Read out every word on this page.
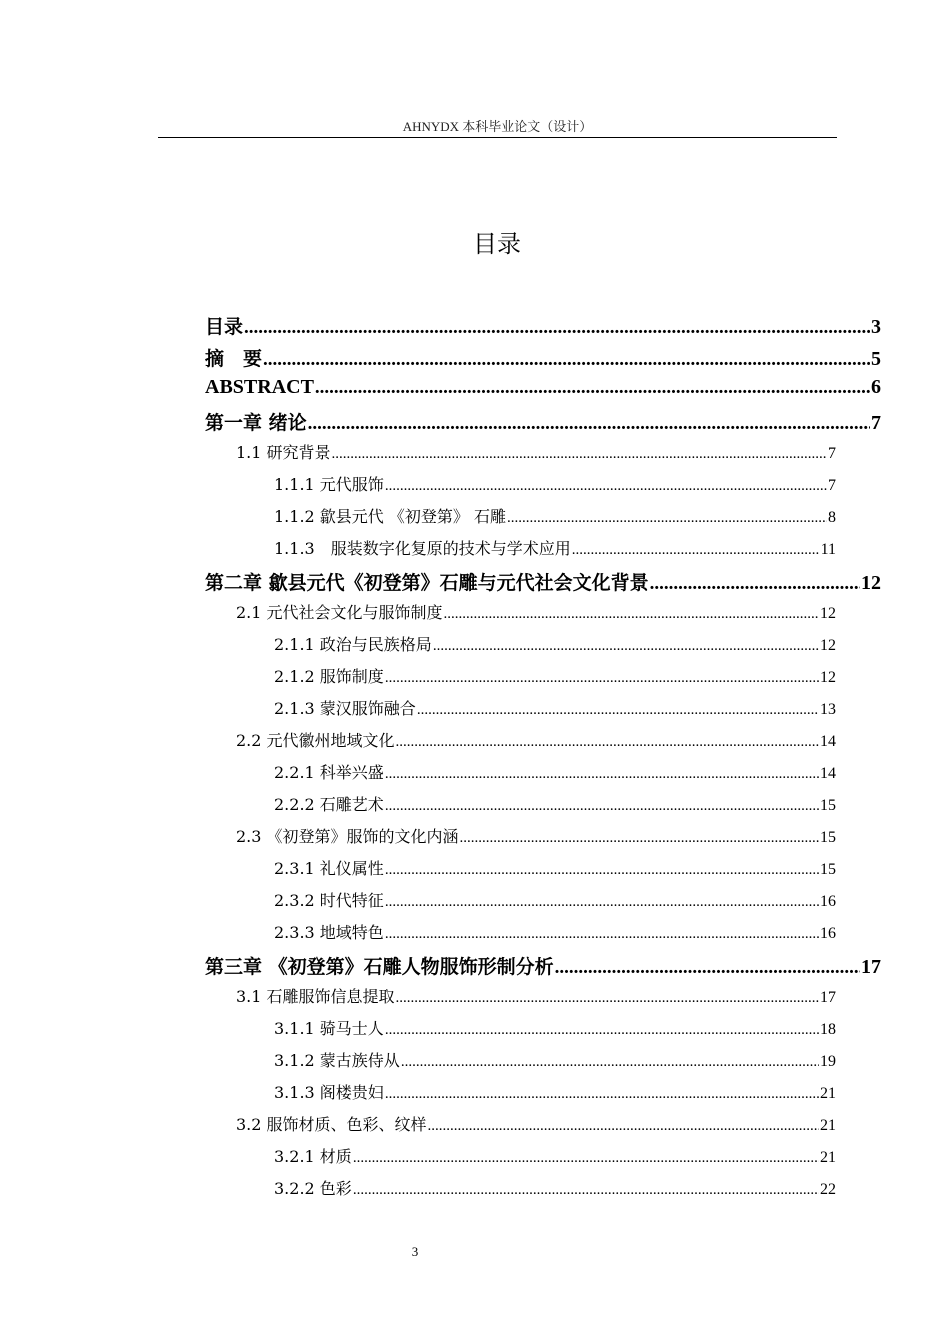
AHNYDX 本科毕业论文（设计）
目录
目录 .....	3
摘　要 .....	5
ABSTRACT .....	6
第一章 绪论 .....	7
1.1 研究背景 .....	7
1.1.1 元代服饰 .....	7
1.1.2 歙县元代 《初登第》 石雕 .....	8
1.1.3　服装数字化复原的技术与学术应用 .....	11
第二章 歙县元代《初登第》石雕与元代社会文化背景 .....	12
2.1 元代社会文化与服饰制度 .....	12
2.1.1 政治与民族格局 .....	12
2.1.2 服饰制度 .....	12
2.1.3 蒙汉服饰融合 .....	13
2.2 元代徽州地域文化 .....	14
2.2.1 科举兴盛 .....	14
2.2.2 石雕艺术 .....	15
2.3 《初登第》服饰的文化内涵 .....	15
2.3.1 礼仪属性 .....	15
2.3.2 时代特征 .....	16
2.3.3 地域特色 .....	16
第三章 《初登第》石雕人物服饰形制分析 .....	17
3.1 石雕服饰信息提取 .....	17
3.1.1 骑马士人 .....	18
3.1.2 蒙古族侍从 .....	19
3.1.3 阁楼贵妇 .....	21
3.2 服饰材质、色彩、纹样 .....	21
3.2.1 材质 .....	21
3.2.2 色彩 .....	22
3
